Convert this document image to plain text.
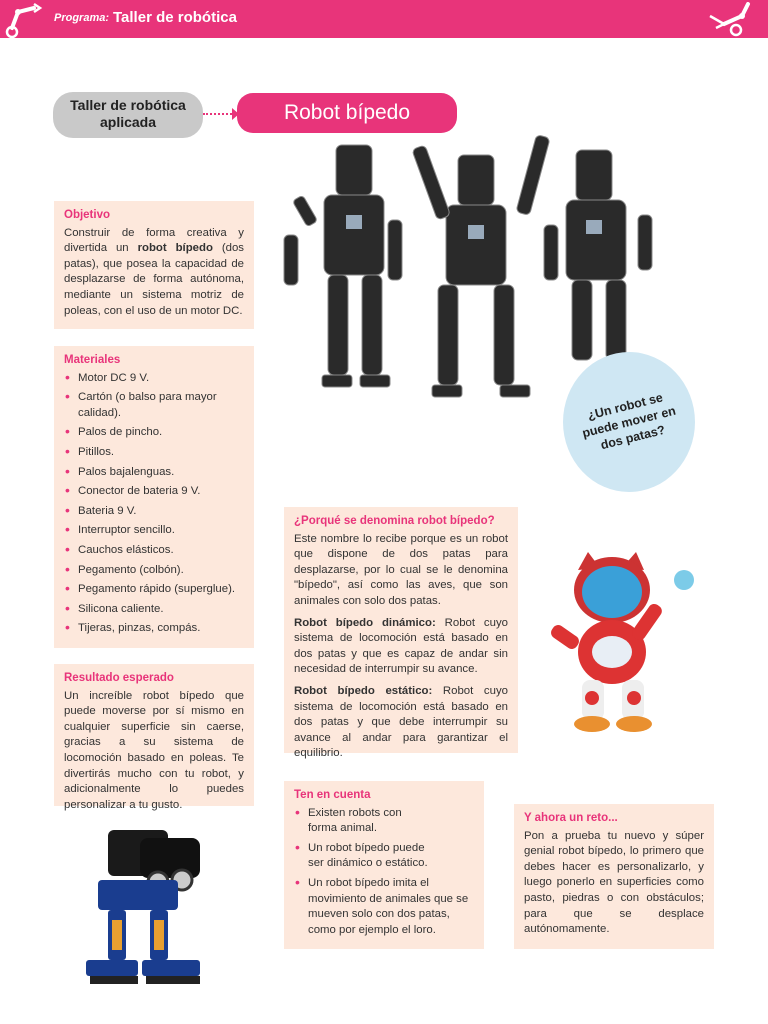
Programa: Taller de robótica
Taller de robótica aplicada	Robot bípedo
Objetivo

Construir de forma creativa y divertida un robot bípedo (dos patas), que posea la capacidad de desplazarse de forma autónoma, mediante un sistema motriz de poleas, con el uso de un motor DC.

Materiales
• Motor DC 9 V.
• Cartón (o balso para mayor calidad).
• Palos de pincho.
• Pitillos.
• Palos bajalenguas.
• Conector de bateria 9 V.
• Bateria 9 V.
• Interruptor sencillo.
• Cauchos elásticos.
• Pegamento (colbón).
• Pegamento rápido (superglue).
• Silicona caliente.
• Tijeras, pinzas, compás.
Resultado esperado

Un increíble robot bípedo que puede moverse por sí mismo en cualquier superficie sin caerse, gracias a su sistema de locomoción basado en poleas. Te divertirás mucho con tu robot, y adicionalmente lo puedes personalizar a tu gusto.

¿Un robot se puede mover en dos patas?
¿Porqué se denomina robot bípedo?

Este nombre lo recibe porque es un robot que dispone de dos patas para desplazarse, por lo cual se le denomina "bípedo", así como las aves, que son animales con solo dos patas.

Robot bípedo dinámico: Robot cuyo sistema de locomoción está basado en dos patas y que es capaz de andar sin necesidad de interrumpir su avance.

Robot bípedo estático: Robot cuyo sistema de locomoción está basado en dos patas y que debe interrumpir su avance al andar para garantizar el equilibrio.

Ten en cuenta
• Existen robots con forma animal.
• Un robot bípedo puede ser dinámico o estático.
• Un robot bípedo imita el movimiento de animales que se mueven solo con dos patas, como por ejemplo el loro.
Y ahora un reto...

Pon a prueba tu nuevo y súper genial robot bípedo, lo primero que debes hacer es personalizarlo, y luego ponerlo en superficies como pasto, piedras o con obstáculos; para que se desplace autónomamente.
